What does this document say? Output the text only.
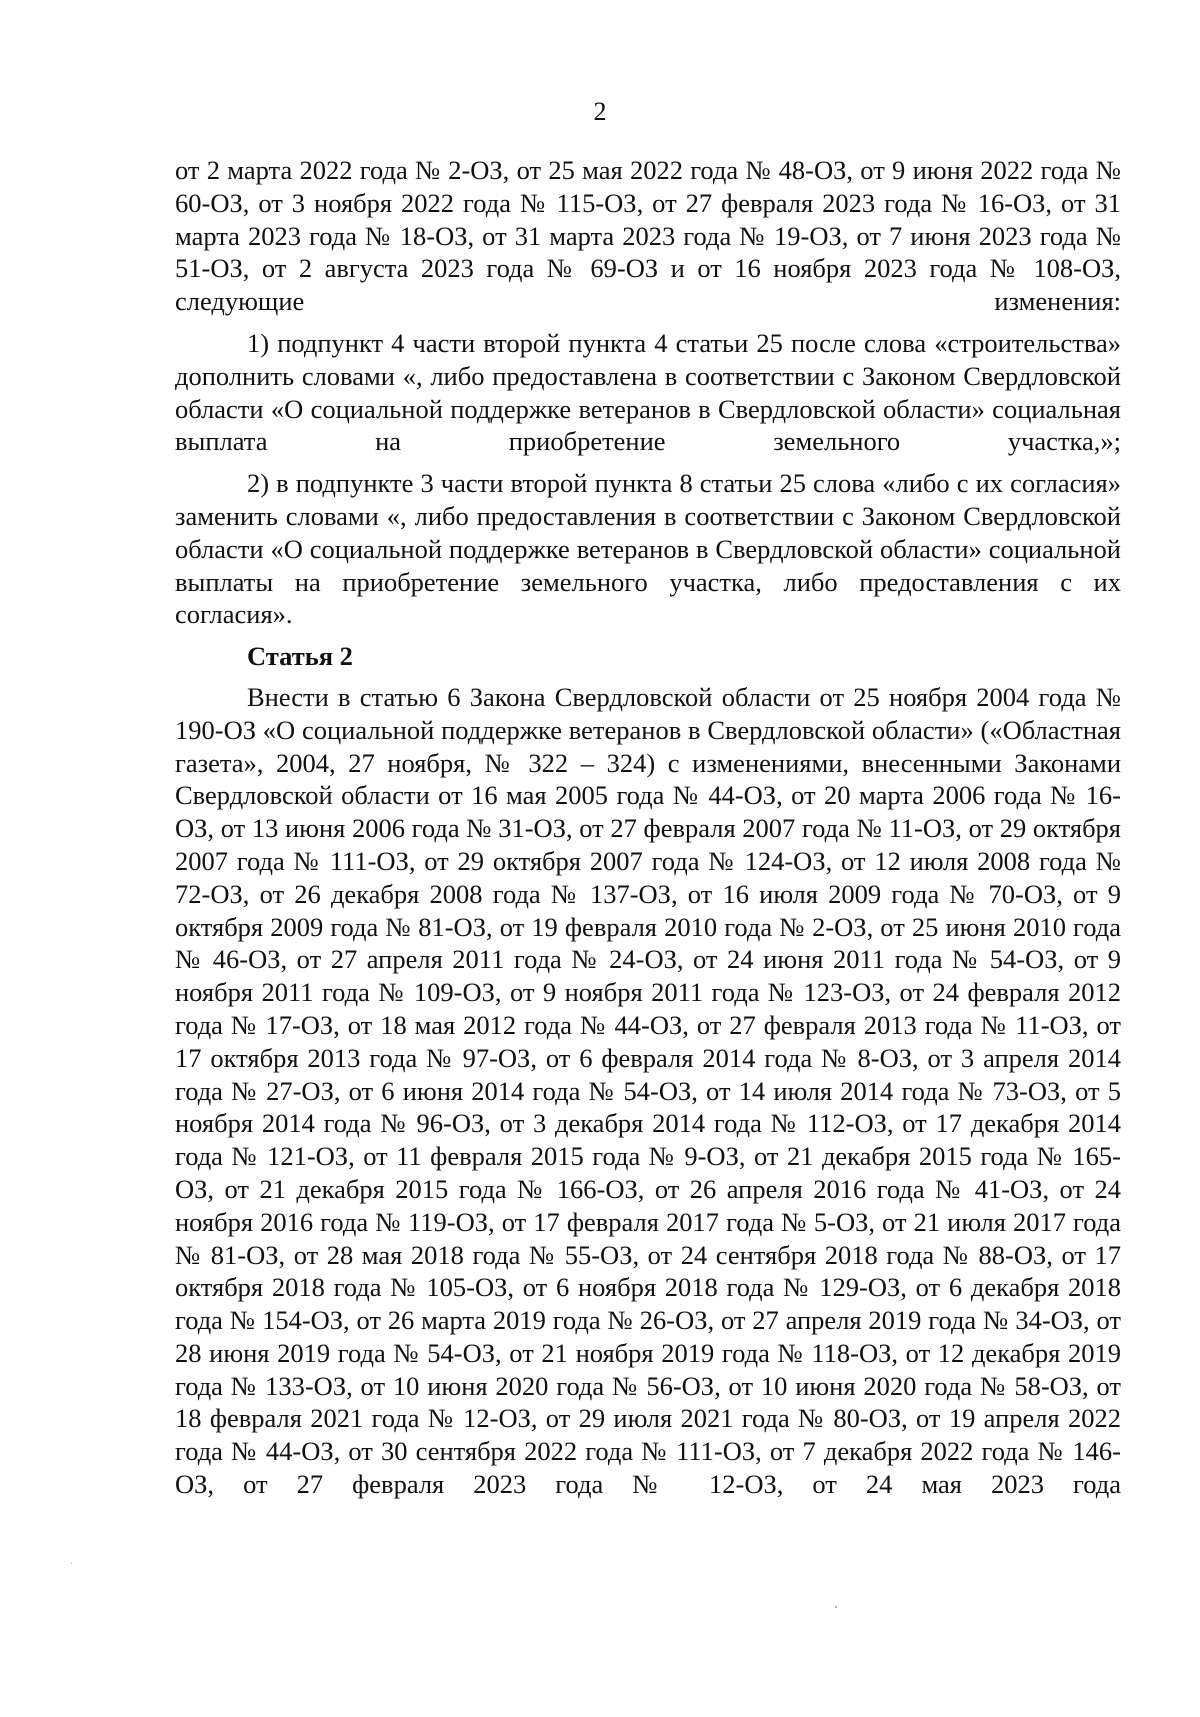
2

от 2 марта 2022 года № 2-ОЗ, от 25 мая 2022 года № 48-ОЗ, от 9 июня 2022 года № 60-ОЗ, от 3 ноября 2022 года № 115-ОЗ, от 27 февраля 2023 года № 16-ОЗ, от 31 марта 2023 года № 18-ОЗ, от 31 марта 2023 года № 19-ОЗ, от 7 июня 2023 года № 51-ОЗ, от 2 августа 2023 года № 69-ОЗ и от 16 ноября 2023 года № 108-ОЗ, следующие изменения:

1) подпункт 4 части второй пункта 4 статьи 25 после слова «строительства» дополнить словами «, либо предоставлена в соответствии с Законом Свердловской области «О социальной поддержке ветеранов в Свердловской области» социальная выплата на приобретение земельного участка,»;

2) в подпункте 3 части второй пункта 8 статьи 25 слова «либо с их согласия» заменить словами «, либо предоставления в соответствии с Законом Свердловской области «О социальной поддержке ветеранов в Свердловской области» социальной выплаты на приобретение земельного участка, либо предоставления с их согласия».

Статья 2

Внести в статью 6 Закона Свердловской области от 25 ноября 2004 года № 190-ОЗ «О социальной поддержке ветеранов в Свердловской области» («Областная газета», 2004, 27 ноября, № 322 – 324) с изменениями, внесенными Законами Свердловской области от 16 мая 2005 года № 44-ОЗ, от 20 марта 2006 года № 16-ОЗ, от 13 июня 2006 года № 31-ОЗ, от 27 февраля 2007 года № 11-ОЗ, от 29 октября 2007 года № 111-ОЗ, от 29 октября 2007 года № 124-ОЗ, от 12 июля 2008 года № 72-ОЗ, от 26 декабря 2008 года № 137-ОЗ, от 16 июля 2009 года № 70-ОЗ, от 9 октября 2009 года № 81-ОЗ, от 19 февраля 2010 года № 2-ОЗ, от 25 июня 2010 года № 46-ОЗ, от 27 апреля 2011 года № 24-ОЗ, от 24 июня 2011 года № 54-ОЗ, от 9 ноября 2011 года № 109-ОЗ, от 9 ноября 2011 года № 123-ОЗ, от 24 февраля 2012 года № 17-ОЗ, от 18 мая 2012 года № 44-ОЗ, от 27 февраля 2013 года № 11-ОЗ, от 17 октября 2013 года № 97-ОЗ, от 6 февраля 2014 года № 8-ОЗ, от 3 апреля 2014 года № 27-ОЗ, от 6 июня 2014 года № 54-ОЗ, от 14 июля 2014 года № 73-ОЗ, от 5 ноября 2014 года № 96-ОЗ, от 3 декабря 2014 года № 112-ОЗ, от 17 декабря 2014 года № 121-ОЗ, от 11 февраля 2015 года № 9-ОЗ, от 21 декабря 2015 года № 165-ОЗ, от 21 декабря 2015 года № 166-ОЗ, от 26 апреля 2016 года № 41-ОЗ, от 24 ноября 2016 года № 119-ОЗ, от 17 февраля 2017 года № 5-ОЗ, от 21 июля 2017 года № 81-ОЗ, от 28 мая 2018 года № 55-ОЗ, от 24 сентября 2018 года № 88-ОЗ, от 17 октября 2018 года № 105-ОЗ, от 6 ноября 2018 года № 129-ОЗ, от 6 декабря 2018 года № 154-ОЗ, от 26 марта 2019 года № 26-ОЗ, от 27 апреля 2019 года № 34-ОЗ, от 28 июня 2019 года № 54-ОЗ, от 21 ноября 2019 года № 118-ОЗ, от 12 декабря 2019 года № 133-ОЗ, от 10 июня 2020 года № 56-ОЗ, от 10 июня 2020 года № 58-ОЗ, от 18 февраля 2021 года № 12-ОЗ, от 29 июля 2021 года № 80-ОЗ, от 19 апреля 2022 года № 44-ОЗ, от 30 сентября 2022 года № 111-ОЗ, от 7 декабря 2022 года № 146-ОЗ, от 27 февраля 2023 года № 12-ОЗ, от 24 мая 2023 года
